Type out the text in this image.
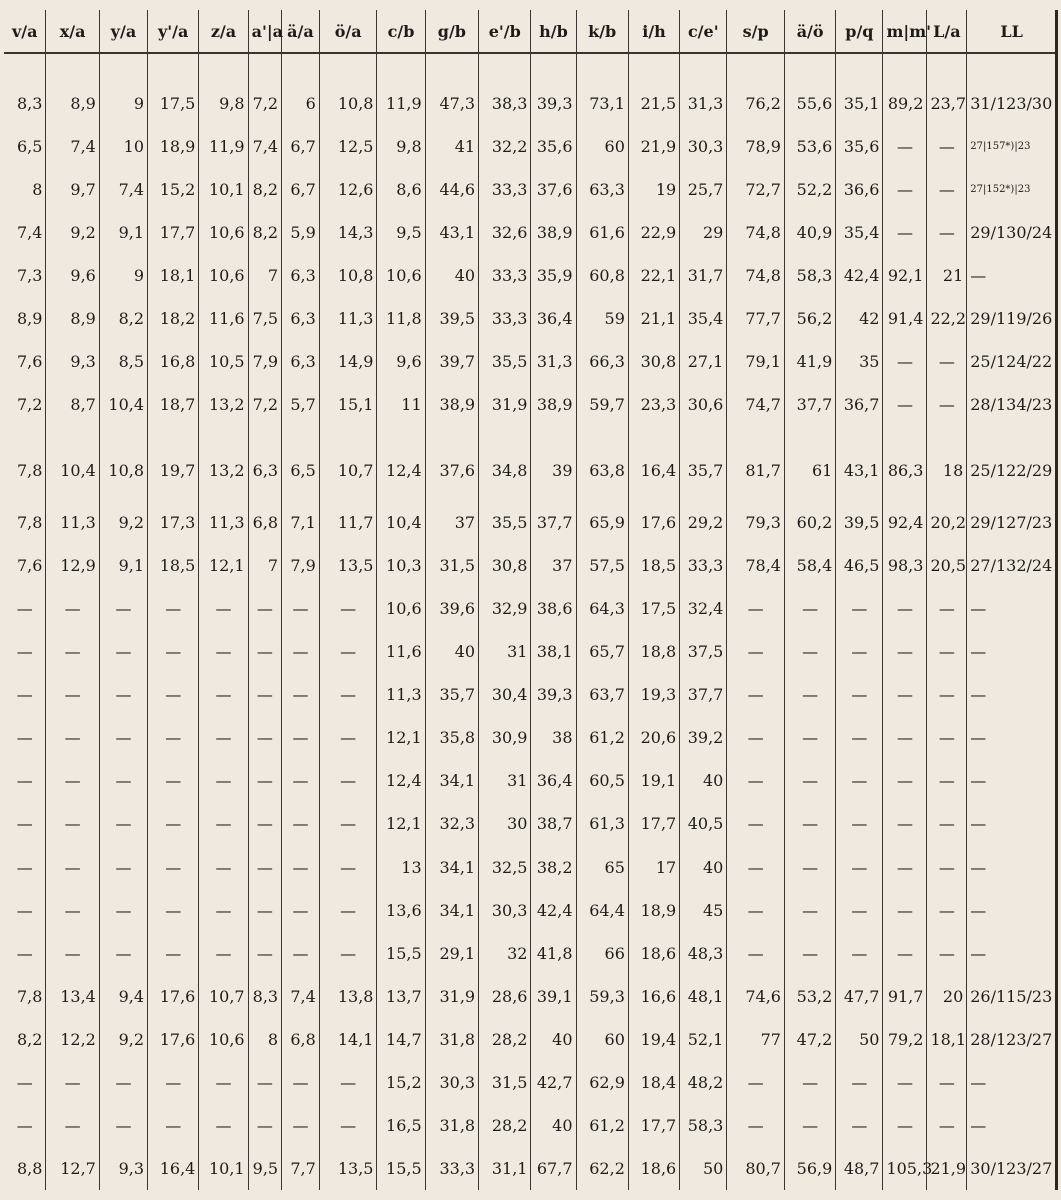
v/a	x/a	y/a	y'/a	z/a	a'|a	ä/a	ö/a	c/b	g/b	e'/b	h/b	k/b	i/h	c/e'	s/p	ä/ö	p/q	m|m'	L/a	LL

8,3	8,9	9	17,5	9,8	7,2	6	10,8	11,9	47,3	38,3	39,3	73,1	21,5	31,3	76,2	55,6	35,1	89,2	23,7	31/123/30
6,5	7,4	10	18,9	11,9	7,4	6,7	12,5	9,8	41	32,2	35,6	60	21,9	30,3	78,9	53,6	35,6	—	—	27|157*)|23
8	9,7	7,4	15,2	10,1	8,2	6,7	12,6	8,6	44,6	33,3	37,6	63,3	19	25,7	72,7	52,2	36,6	—	—	27|152*)|23
7,4	9,2	9,1	17,7	10,6	8,2	5,9	14,3	9,5	43,1	32,6	38,9	61,6	22,9	29	74,8	40,9	35,4	—	—	29/130/24
7,3	9,6	9	18,1	10,6	7	6,3	10,8	10,6	40	33,3	35,9	60,8	22,1	31,7	74,8	58,3	42,4	92,1	21	—
8,9	8,9	8,2	18,2	11,6	7,5	6,3	11,3	11,8	39,5	33,3	36,4	59	21,1	35,4	77,7	56,2	42	91,4	22,2	29/119/26
7,6	9,3	8,5	16,8	10,5	7,9	6,3	14,9	9,6	39,7	35,5	31,3	66,3	30,8	27,1	79,1	41,9	35	—	—	25/124/22
7,2	8,7	10,4	18,7	13,2	7,2	5,7	15,1	11	38,9	31,9	38,9	59,7	23,3	30,6	74,7	37,7	36,7	—	—	28/134/23
7,8	10,4	10,8	19,7	13,2	6,3	6,5	10,7	12,4	37,6	34,8	39	63,8	16,4	35,7	81,7	61	43,1	86,3	18	25/122/29
7,8	11,3	9,2	17,3	11,3	6,8	7,1	11,7	10,4	37	35,5	37,7	65,9	17,6	29,2	79,3	60,2	39,5	92,4	20,2	29/127/23
7,6	12,9	9,1	18,5	12,1	7	7,9	13,5	10,3	31,5	30,8	37	57,5	18,5	33,3	78,4	58,4	46,5	98,3	20,5	27/132/24
—	—	—	—	—	—	—	—	10,6	39,6	32,9	38,6	64,3	17,5	32,4	—	—	—	—	—	—
—	—	—	—	—	—	—	—	11,6	40	31	38,1	65,7	18,8	37,5	—	—	—	—	—	—
—	—	—	—	—	—	—	—	11,3	35,7	30,4	39,3	63,7	19,3	37,7	—	—	—	—	—	—
—	—	—	—	—	—	—	—	12,1	35,8	30,9	38	61,2	20,6	39,2	—	—	—	—	—	—
—	—	—	—	—	—	—	—	12,4	34,1	31	36,4	60,5	19,1	40	—	—	—	—	—	—
—	—	—	—	—	—	—	—	12,1	32,3	30	38,7	61,3	17,7	40,5	—	—	—	—	—	—
—	—	—	—	—	—	—	—	13	34,1	32,5	38,2	65	17	40	—	—	—	—	—	—
—	—	—	—	—	—	—	—	13,6	34,1	30,3	42,4	64,4	18,9	45	—	—	—	—	—	—
—	—	—	—	—	—	—	—	15,5	29,1	32	41,8	66	18,6	48,3	—	—	—	—	—	—
7,8	13,4	9,4	17,6	10,7	8,3	7,4	13,8	13,7	31,9	28,6	39,1	59,3	16,6	48,1	74,6	53,2	47,7	91,7	20	26/115/23
8,2	12,2	9,2	17,6	10,6	8	6,8	14,1	14,7	31,8	28,2	40	60	19,4	52,1	77	47,2	50	79,2	18,1	28/123/27
—	—	—	—	—	—	—	—	15,2	30,3	31,5	42,7	62,9	18,4	48,2	—	—	—	—	—	—
—	—	—	—	—	—	—	—	16,5	31,8	28,2	40	61,2	17,7	58,3	—	—	—	—	—	—
8,8	12,7	9,3	16,4	10,1	9,5	7,7	13,5	15,5	33,3	31,1	67,7	62,2	18,6	50	80,7	56,9	48,7	105,3	21,9	30/123/27
